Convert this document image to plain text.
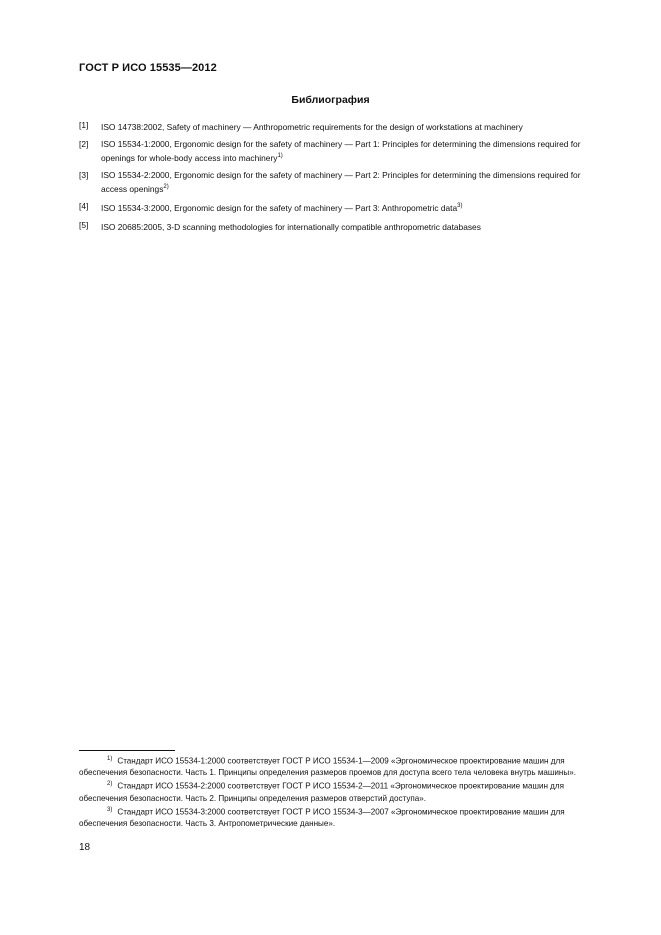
ГОСТ Р ИСО 15535—2012
Библиография
[1]	ISO 14738:2002, Safety of machinery — Anthropometric requirements for the design of workstations at machinery
[2]	ISO 15534-1:2000, Ergonomic design for the safety of machinery — Part 1: Principles for determining the dimensions required for openings for whole-body access into machinery$^{1)}$
[3]	ISO 15534-2:2000, Ergonomic design for the safety of machinery — Part 2: Principles for determining the dimensions required for aсcess openings$^{2)}$
[4]	ISO 15534-3:2000, Ergonomic design for the safety of machinery — Part 3: Anthropometric data$^{3)}$
[5]	ISO 20685:2005, 3-D scanning methodologies for internationally compatible anthropometric databases
$^{1)}$ Стандарт ИСО 15534-1:2000 соответствует ГОСТ Р ИСО 15534-1—2009 «Эргономическое проектирование машин для обеспечения безопасности. Часть 1. Принципы определения размеров проемов для доступа всего тела человека внутрь машины».
$^{2)}$ Стандарт ИСО 15534-2:2000 соответствует ГОСТ Р ИСО 15534-2—2011 «Эргономическое проектирование машин для обеспечения безопасности. Часть 2. Принципы определения размеров отверстий доступа».
$^{3)}$ Стандарт ИСО 15534-3:2000 соответствует ГОСТ Р ИСО 15534-3—2007 «Эргономическое проектирование машин для обеспечения безопасности. Часть 3. Антропометрические данные».
18
